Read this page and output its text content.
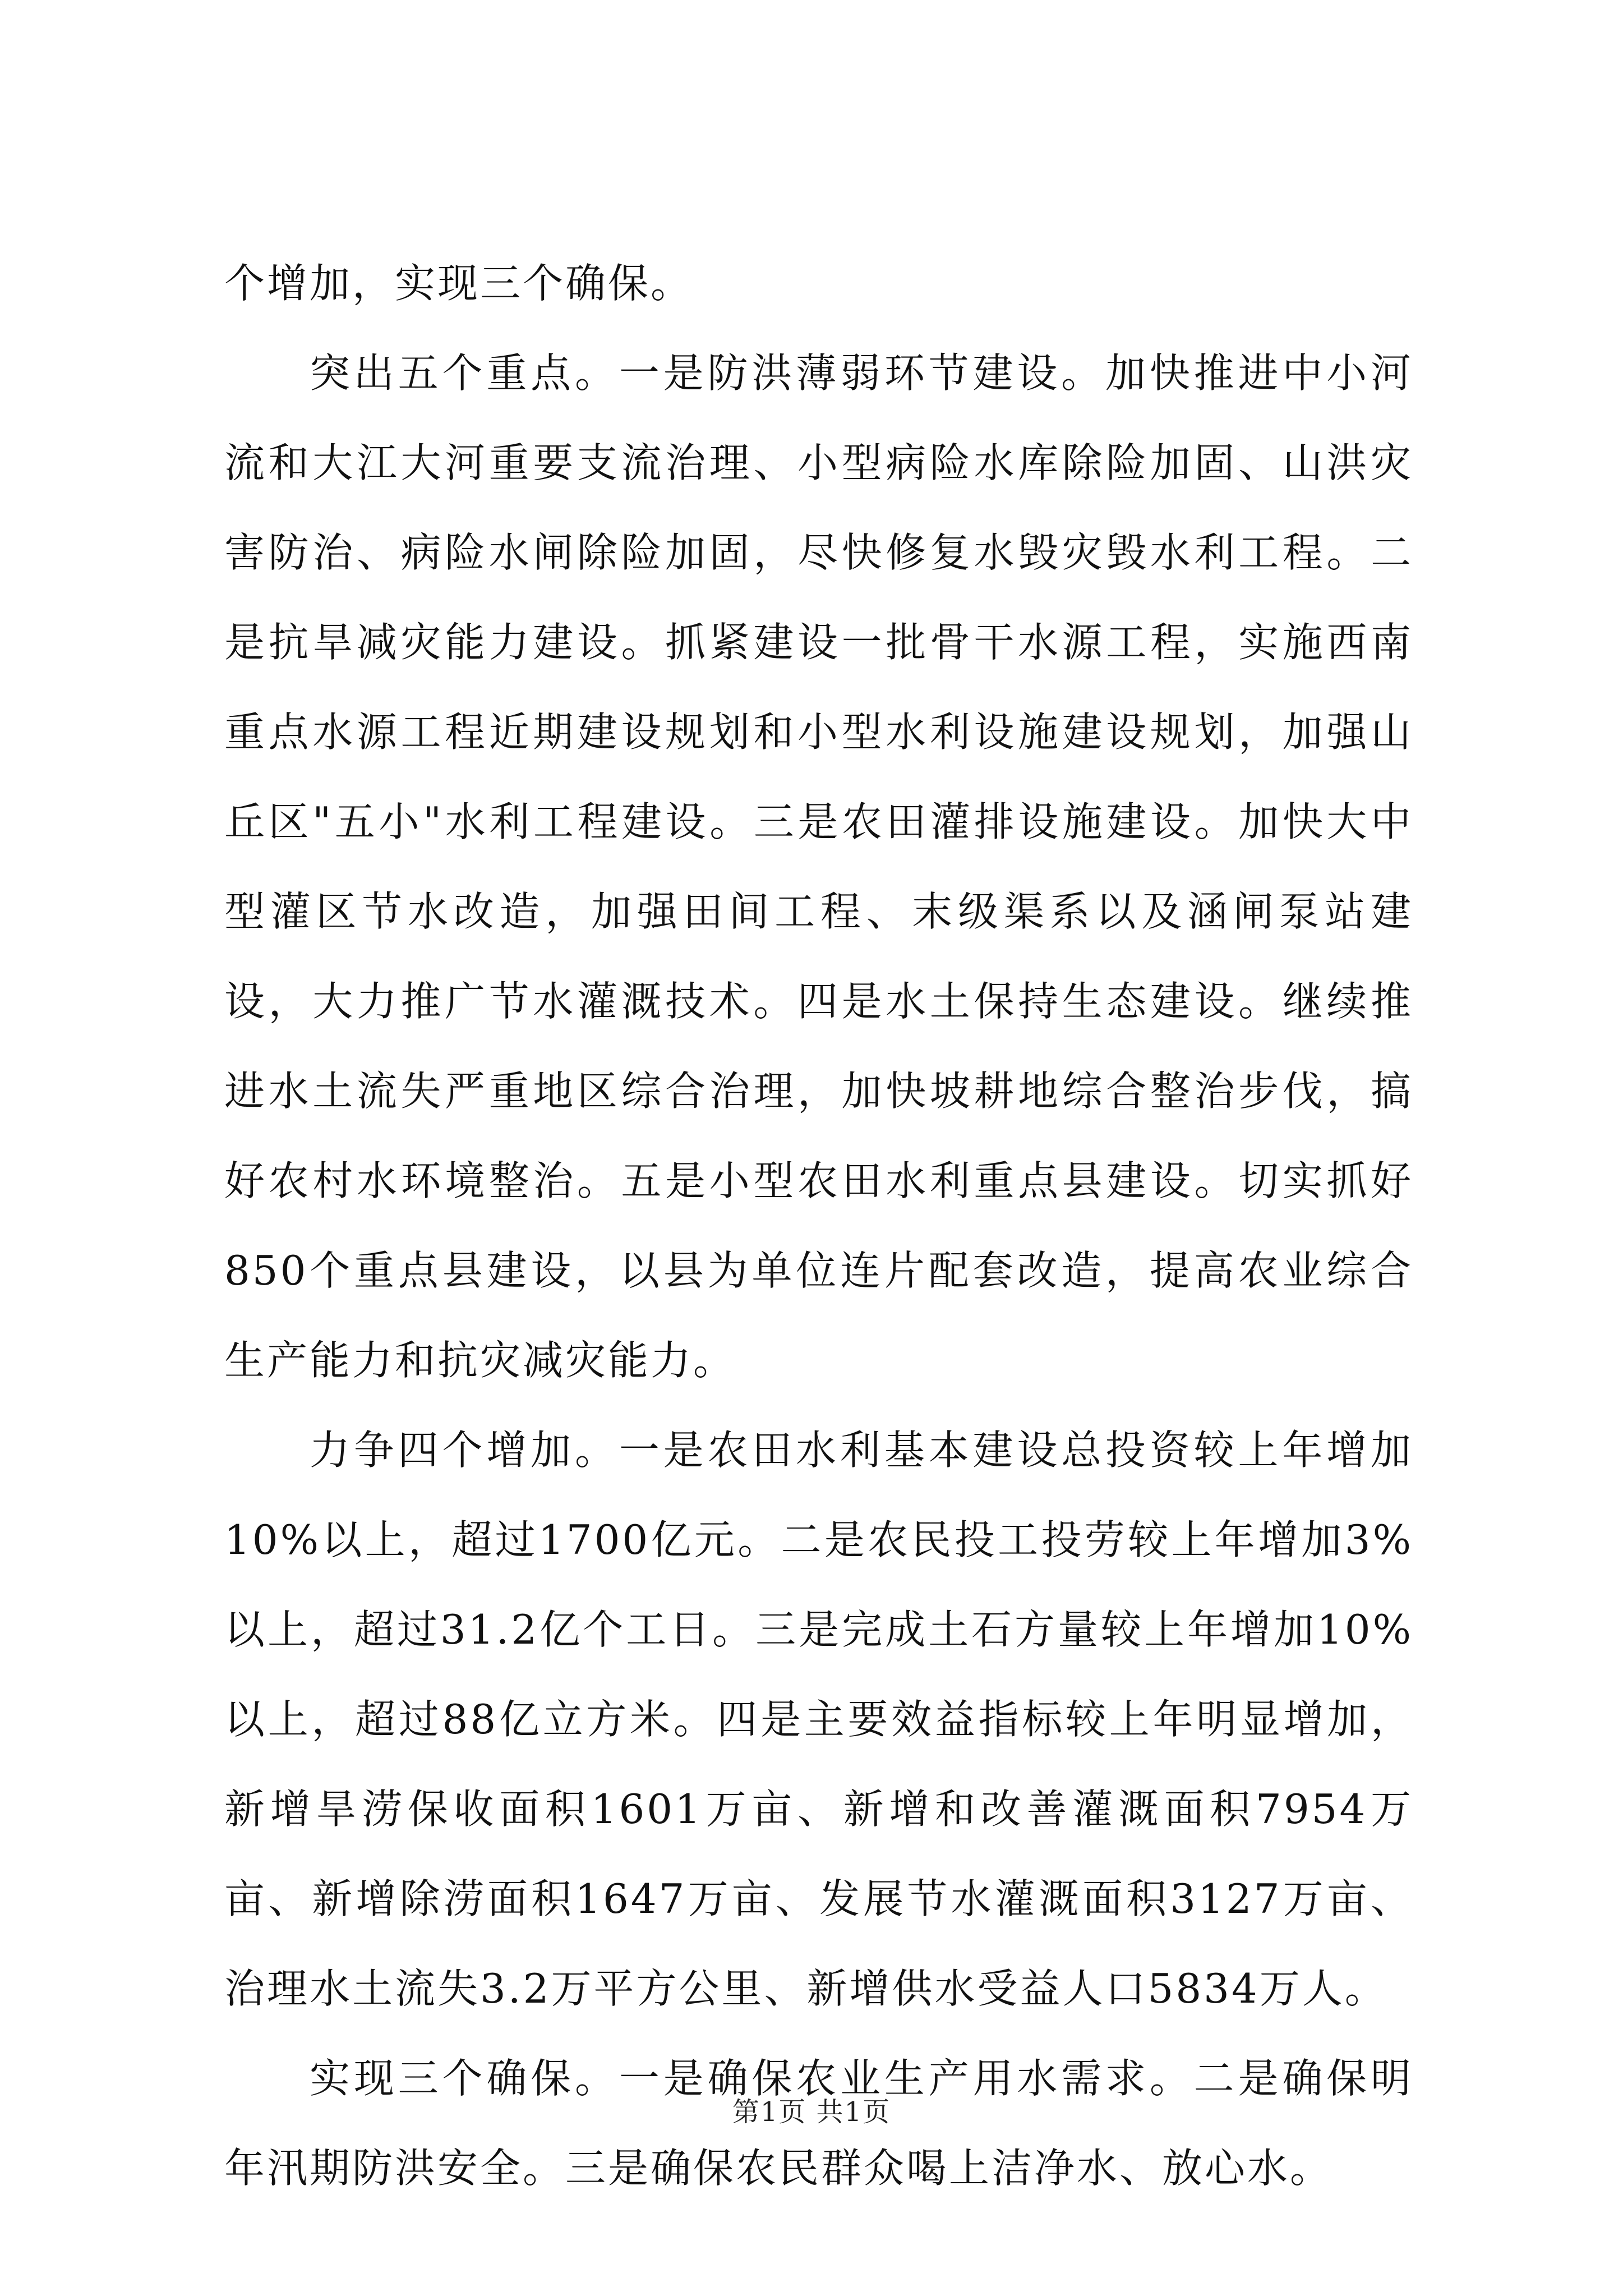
个增加，实现三个确保。

突出五个重点。一是防洪薄弱环节建设。加快推进中小河流和大江大河重要支流治理、小型病险水库除险加固、山洪灾害防治、病险水闸除险加固，尽快修复水毁灾毁水利工程。二是抗旱减灾能力建设。抓紧建设一批骨干水源工程，实施西南重点水源工程近期建设规划和小型水利设施建设规划，加强山丘区"五小"水利工程建设。三是农田灌排设施建设。加快大中型灌区节水改造，加强田间工程、末级渠系以及涵闸泵站建设，大力推广节水灌溉技术。四是水土保持生态建设。继续推进水土流失严重地区综合治理，加快坡耕地综合整治步伐，搞好农村水环境整治。五是小型农田水利重点县建设。切实抓好850个重点县建设，以县为单位连片配套改造，提高农业综合生产能力和抗灾减灾能力。

力争四个增加。一是农田水利基本建设总投资较上年增加10%以上，超过1700亿元。二是农民投工投劳较上年增加3%以上，超过31.2亿个工日。三是完成土石方量较上年增加10%以上，超过88亿立方米。四是主要效益指标较上年明显增加，新增旱涝保收面积1601万亩、新增和改善灌溉面积7954万亩、新增除涝面积1647万亩、发展节水灌溉面积3127万亩、治理水土流失3.2万平方公里、新增供水受益人口5834万人。

实现三个确保。一是确保农业生产用水需求。二是确保明年汛期防洪安全。三是确保农民群众喝上洁净水、放心水。

第1页 共1页
